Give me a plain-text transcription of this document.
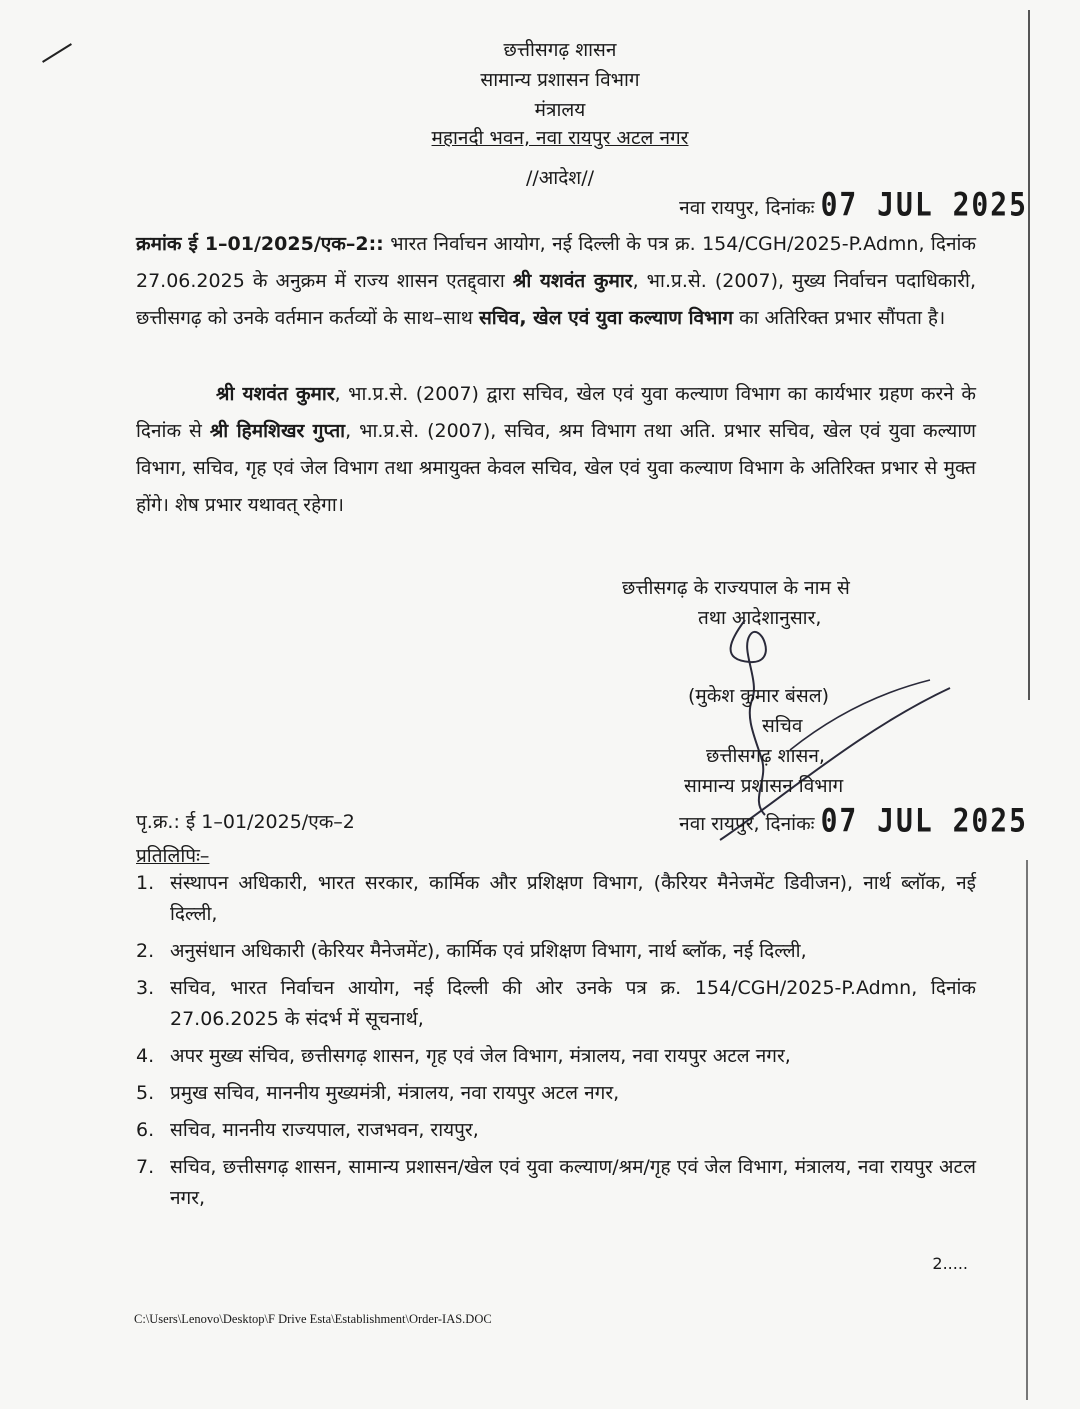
छत्तीसगढ़ शासन
सामान्य प्रशासन विभाग
मंत्रालय
महानदी भवन, नवा रायपुर अटल नगर
//आदेश//
नवा रायपुर, दिनांकः 07 JUL 2025

क्रमांक ई 1–01/2025/एक–2:: भारत निर्वाचन आयोग, नई दिल्ली के पत्र क्र. 154/CGH/2025-P.Admn, दिनांक 27.06.2025 के अनुक्रम में राज्य शासन एतद्द्वारा श्री यशवंत कुमार, भा.प्र.से. (2007), मुख्य निर्वाचन पदाधिकारी, छत्तीसगढ़ को उनके वर्तमान कर्तव्यों के साथ–साथ सचिव, खेल एवं युवा कल्याण विभाग का अतिरिक्त प्रभार सौंपता है।

श्री यशवंत कुमार, भा.प्र.से. (2007) द्वारा सचिव, खेल एवं युवा कल्याण विभाग का कार्यभार ग्रहण करने के दिनांक से श्री हिमशिखर गुप्ता, भा.प्र.से. (2007), सचिव, श्रम विभाग तथा अति. प्रभार सचिव, खेल एवं युवा कल्याण विभाग, सचिव, गृह एवं जेल विभाग तथा श्रमायुक्त केवल सचिव, खेल एवं युवा कल्याण विभाग के अतिरिक्त प्रभार से मुक्त होंगे। शेष प्रभार यथावत् रहेगा।

छत्तीसगढ़ के राज्यपाल के नाम से
तथा आदेशानुसार,
(मुकेश कुमार बंसल)
सचिव
छत्तीसगढ़ शासन,
सामान्य प्रशासन विभाग
नवा रायपुर, दिनांकः 07 JUL 2025
पृ.क्र.: ई 1–01/2025/एक–2
प्रतिलिपिः–
1. संस्थापन अधिकारी, भारत सरकार, कार्मिक और प्रशिक्षण विभाग, (कैरियर मैनेजमेंट डिवीजन), नार्थ ब्लॉक, नई दिल्ली,
2. अनुसंधान अधिकारी (केरियर मैनेजमेंट), कार्मिक एवं प्रशिक्षण विभाग, नार्थ ब्लॉक, नई दिल्ली,
3. सचिव, भारत निर्वाचन आयोग, नई दिल्ली की ओर उनके पत्र क्र. 154/CGH/2025-P.Admn, दिनांक 27.06.2025 के संदर्भ में सूचनार्थ,
4. अपर मुख्य संचिव, छत्तीसगढ़ शासन, गृह एवं जेल विभाग, मंत्रालय, नवा रायपुर अटल नगर,
5. प्रमुख सचिव, माननीय मुख्यमंत्री, मंत्रालय, नवा रायपुर अटल नगर,
6. सचिव, माननीय राज्यपाल, राजभवन, रायपुर,
7. सचिव, छत्तीसगढ़ शासन, सामान्य प्रशासन/खेल एवं युवा कल्याण/श्रम/गृह एवं जेल विभाग, मंत्रालय, नवा रायपुर अटल नगर,
2.....
C:\Users\Lenovo\Desktop\F Drive Esta\Establishment\Order-IAS.DOC
